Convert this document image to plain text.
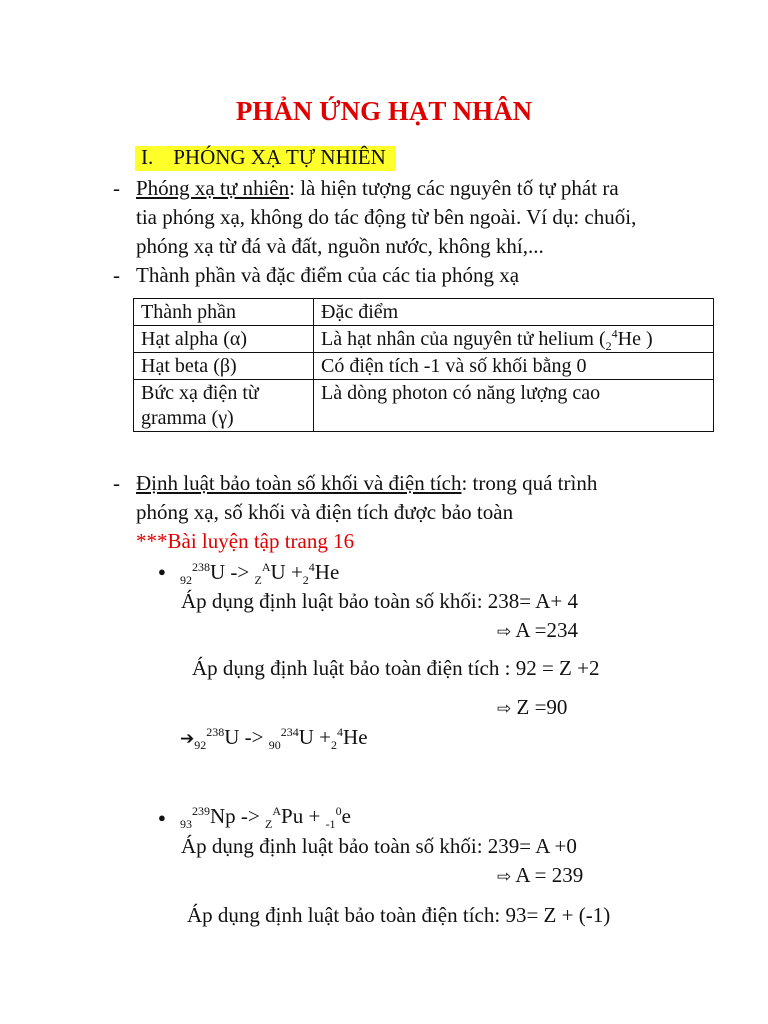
PHẢN ỨNG HẠT NHÂN
I. PHÓNG XẠ TỰ NHIÊN
- Phóng xạ tự nhiên: là hiện tượng các nguyên tố tự phát ra
tia phóng xạ, không do tác động từ bên ngoài. Ví dụ: chuối,
phóng xạ từ đá và đất, nguồn nước, không khí,...
- Thành phần và đặc điểm của các tia phóng xạ
Thành phần	Đặc điểm
Hạt alpha (α)	Là hạt nhân của nguyên tử helium ($_2^4He$ )
Hạt beta (β)	Có điện tích -1 và số khối bằng 0

Bức xạ điện từ
gramma (γ)	Là dòng photon có năng lượng cao
- Định luật bảo toàn số khối và điện tích: trong quá trình
phóng xạ, số khối và điện tích được bảo toàn
***Bài luyện tập trang 16
●
$_{92}^{238}U -> _Z^AU +_2^4He$
Áp dụng định luật bảo toàn số khối: 238= A+ 4
⇨ A =234
Áp dụng định luật bảo toàn điện tích : 92 = Z +2
⇨ Z =90
$➔_{92}^{238}U -> _{90}^{234}U +_2^4He$
● $_{93}^{239}$Np -> $_Z^A$Pu + $_{-1}^0$e
Áp dụng định luật bảo toàn số khối: 239= A +0
⇨ A = 239
Áp dụng định luật bảo toàn điện tích: 93= Z + (-1)
